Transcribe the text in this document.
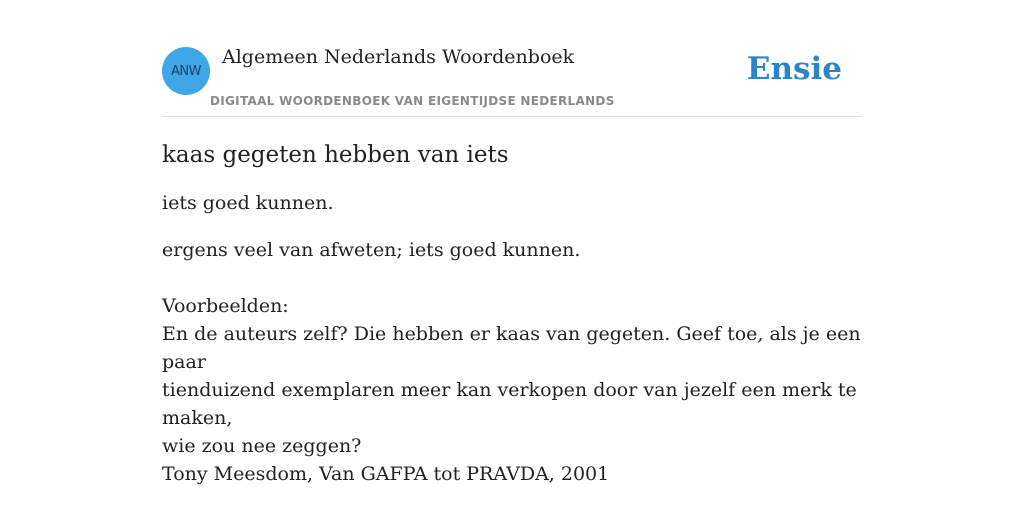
ANW
Algemeen Nederlands Woordenboek
DIGITAAL WOORDENBOEK VAN EIGENTIJDSE NEDERLANDS
Ensie
kaas gegeten hebben van iets
iets goed kunnen.
ergens veel van afweten; iets goed kunnen.
Voorbeelden:
En de auteurs zelf? Die hebben er kaas van gegeten. Geef toe, als je een paar
tienduizend exemplaren meer kan verkopen door van jezelf een merk te maken,
wie zou nee zeggen?
Tony Meesdom, Van GAFPA tot PRAVDA, 2001
